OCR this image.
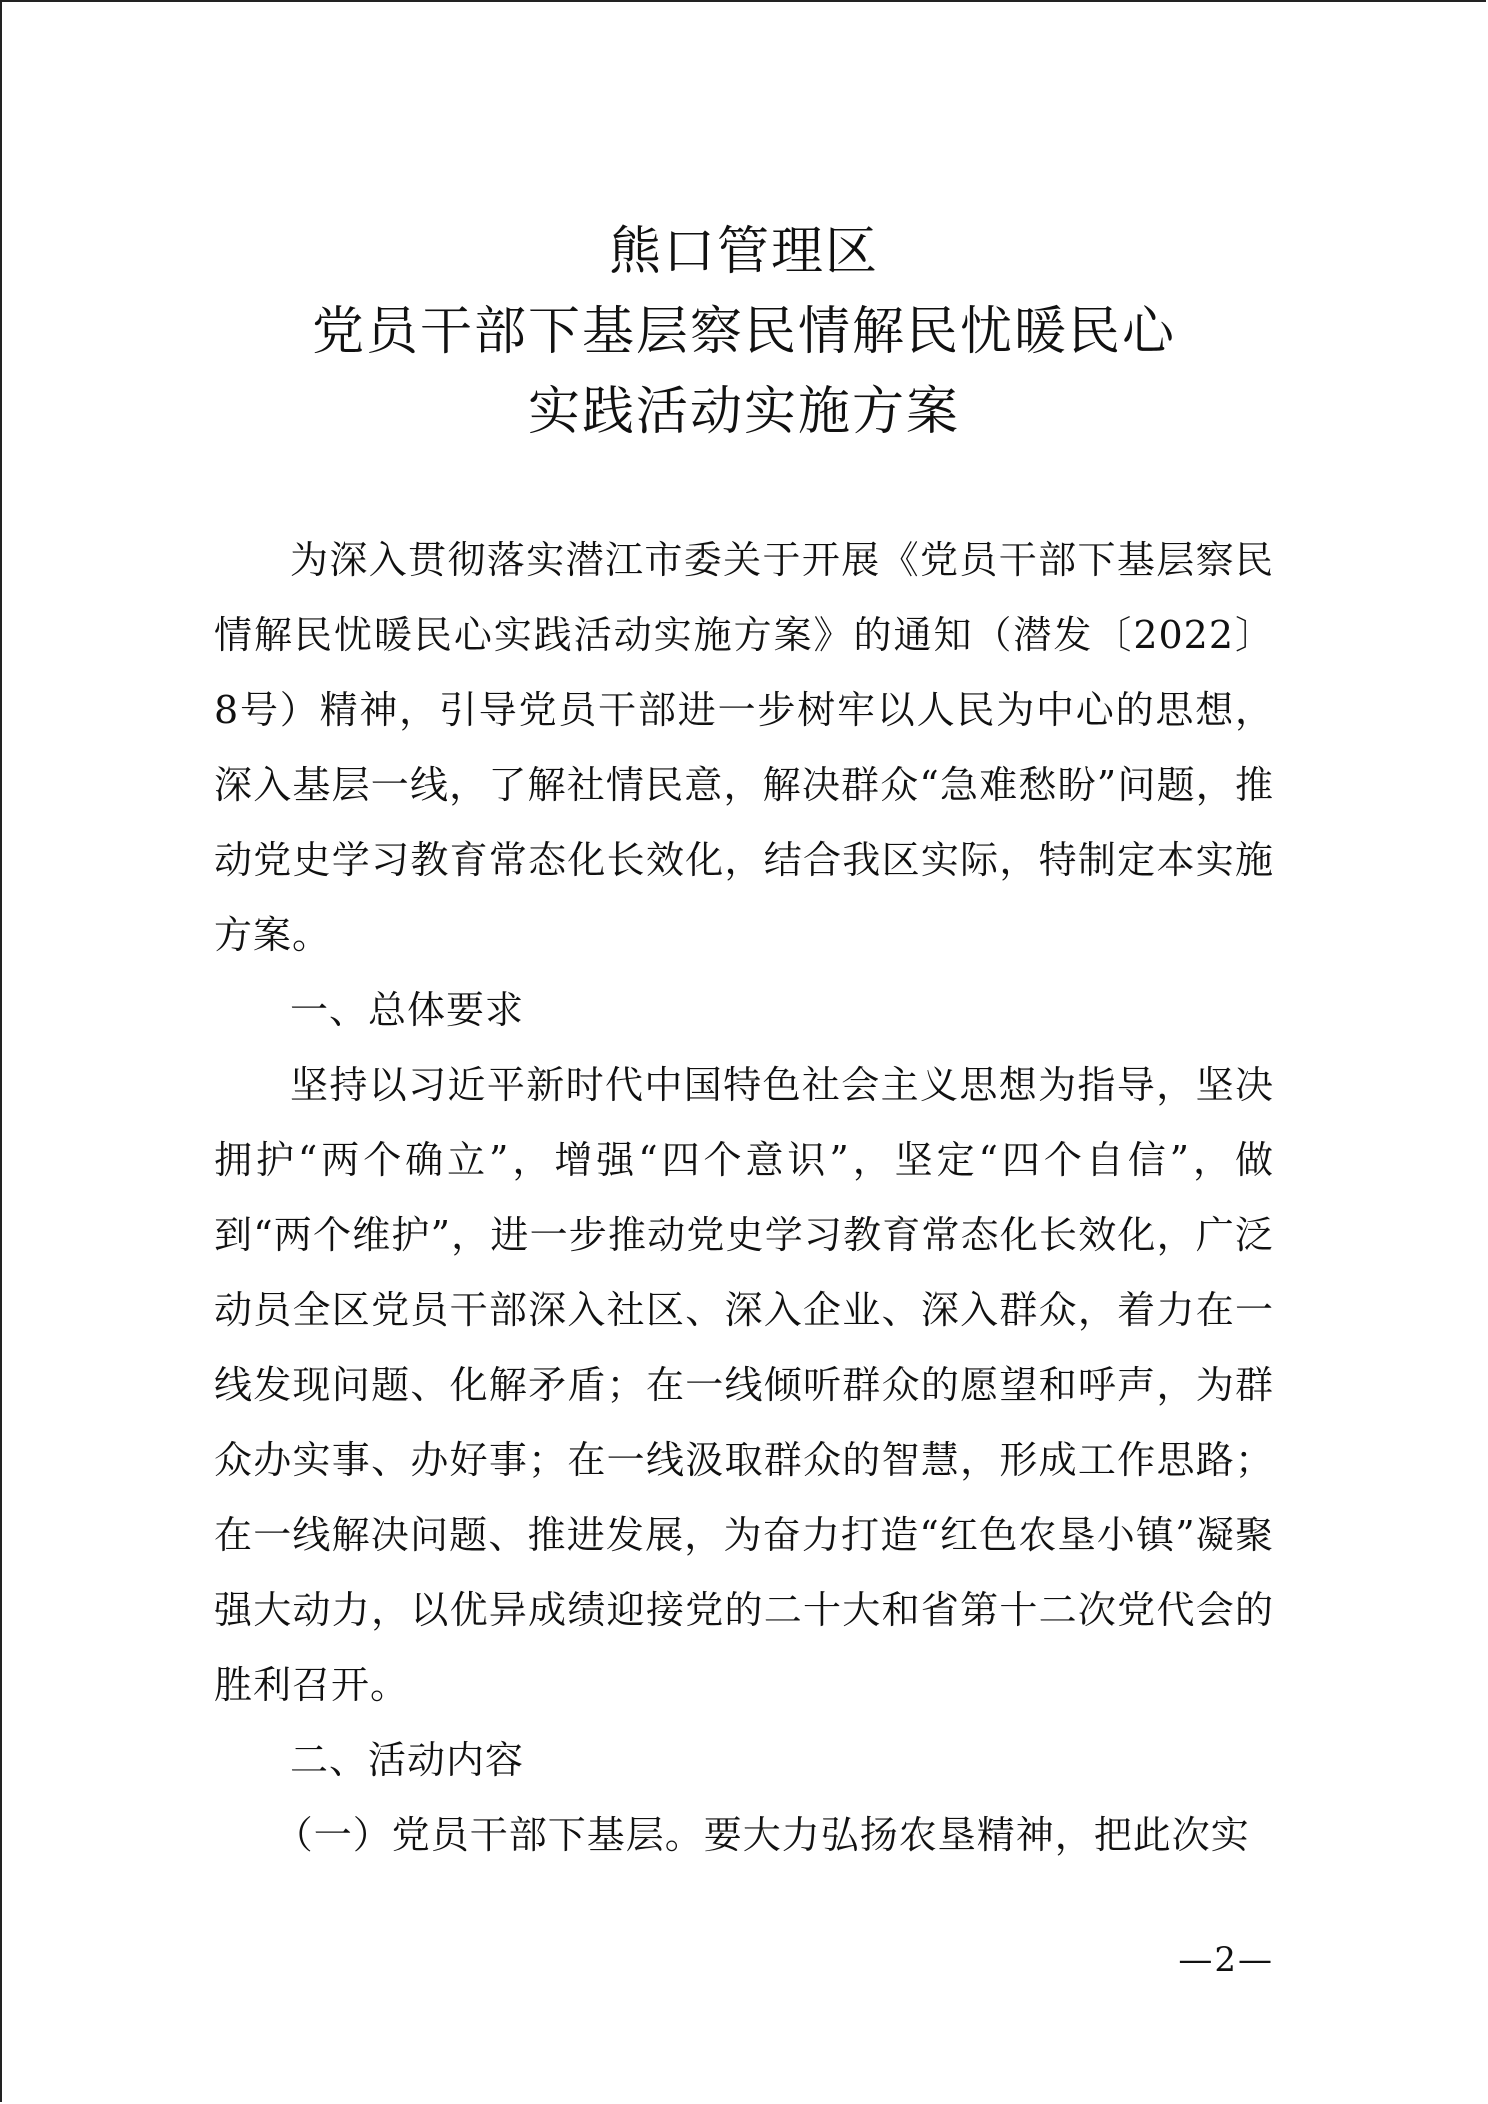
熊口管理区
党员干部下基层察民情解民忧暖民心
实践活动实施方案

为深入贯彻落实潜江市委关于开展《党员干部下基层察民情解民忧暖民心实践活动实施方案》的通知（潜发〔2022〕8号）精神，引导党员干部进一步树牢以人民为中心的思想，深入基层一线，了解社情民意，解决群众“急难愁盼”问题，推动党史学习教育常态化长效化，结合我区实际，特制定本实施方案。

一、总体要求

坚持以习近平新时代中国特色社会主义思想为指导，坚决拥护“两个确立”，增强“四个意识”，坚定“四个自信”，做到“两个维护”，进一步推动党史学习教育常态化长效化，广泛动员全区党员干部深入社区、深入企业、深入群众，着力在一线发现问题、化解矛盾；在一线倾听群众的愿望和呼声，为群众办实事、办好事；在一线汲取群众的智慧，形成工作思路；在一线解决问题、推进发展，为奋力打造“红色农垦小镇”凝聚强大动力，以优异成绩迎接党的二十大和省第十二次党代会的胜利召开。

二、活动内容

（一）党员干部下基层。要大力弘扬农垦精神，把此次实

—2—
